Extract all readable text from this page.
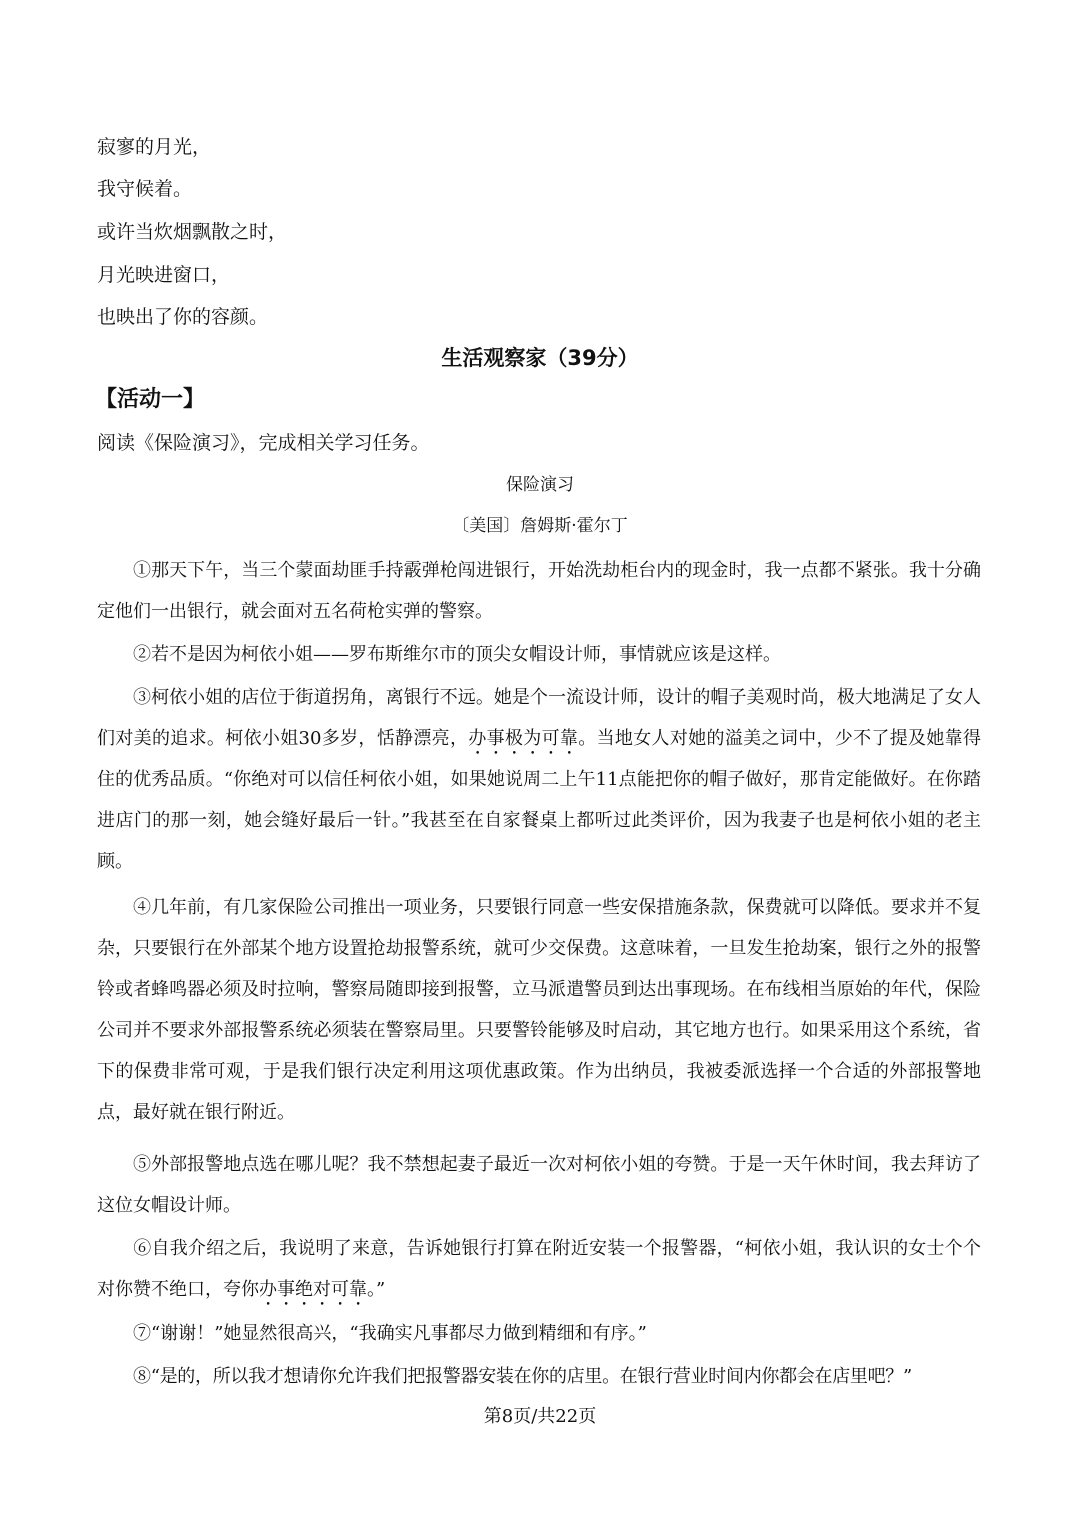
寂寥的月光，
我守候着。
或许当炊烟飘散之时，
月光映进窗口，
也映出了你的容颜。
生活观察家（39分）
【活动一】
阅读《保险演习》，完成相关学习任务。
保险演习
〔美国〕詹姆斯·霍尔丁
①那天下午，当三个蒙面劫匪手持霰弹枪闯进银行，开始洗劫柜台内的现金时，我一点都不紧张。我十分确定他们一出银行，就会面对五名荷枪实弹的警察。
②若不是因为柯依小姐——罗布斯维尔市的顶尖女帽设计师，事情就应该是这样。
③柯依小姐的店位于街道拐角，离银行不远。她是个一流设计师，设计的帽子美观时尚，极大地满足了女人们对美的追求。柯依小姐30多岁，恬静漂亮，办事极为可靠。当地女人对她的溢美之词中，少不了提及她靠得住的优秀品质。“你绝对可以信任柯依小姐，如果她说周二上午11点能把你的帽子做好，那肯定能做好。在你踏进店门的那一刻，她会缝好最后一针。”我甚至在自家餐桌上都听过此类评价，因为我妻子也是柯依小姐的老主顾。
④几年前，有几家保险公司推出一项业务，只要银行同意一些安保措施条款，保费就可以降低。要求并不复杂，只要银行在外部某个地方设置抢劫报警系统，就可少交保费。这意味着，一旦发生抢劫案，银行之外的报警铃或者蜂鸣器必须及时拉响，警察局随即接到报警，立马派遣警员到达出事现场。在布线相当原始的年代，保险公司并不要求外部报警系统必须装在警察局里。只要警铃能够及时启动，其它地方也行。如果采用这个系统，省下的保费非常可观，于是我们银行决定利用这项优惠政策。作为出纳员，我被委派选择一个合适的外部报警地点，最好就在银行附近。
⑤外部报警地点选在哪儿呢？我不禁想起妻子最近一次对柯依小姐的夸赞。于是一天午休时间，我去拜访了这位女帽设计师。
⑥自我介绍之后，我说明了来意，告诉她银行打算在附近安装一个报警器，“柯依小姐，我认识的女士个个对你赞不绝口，夸你办事绝对可靠。”
⑦“谢谢！”她显然很高兴，“我确实凡事都尽力做到精细和有序。”
⑧“是的，所以我才想请你允许我们把报警器安装在你的店里。在银行营业时间内你都会在店里吧？”
第8页/共22页
